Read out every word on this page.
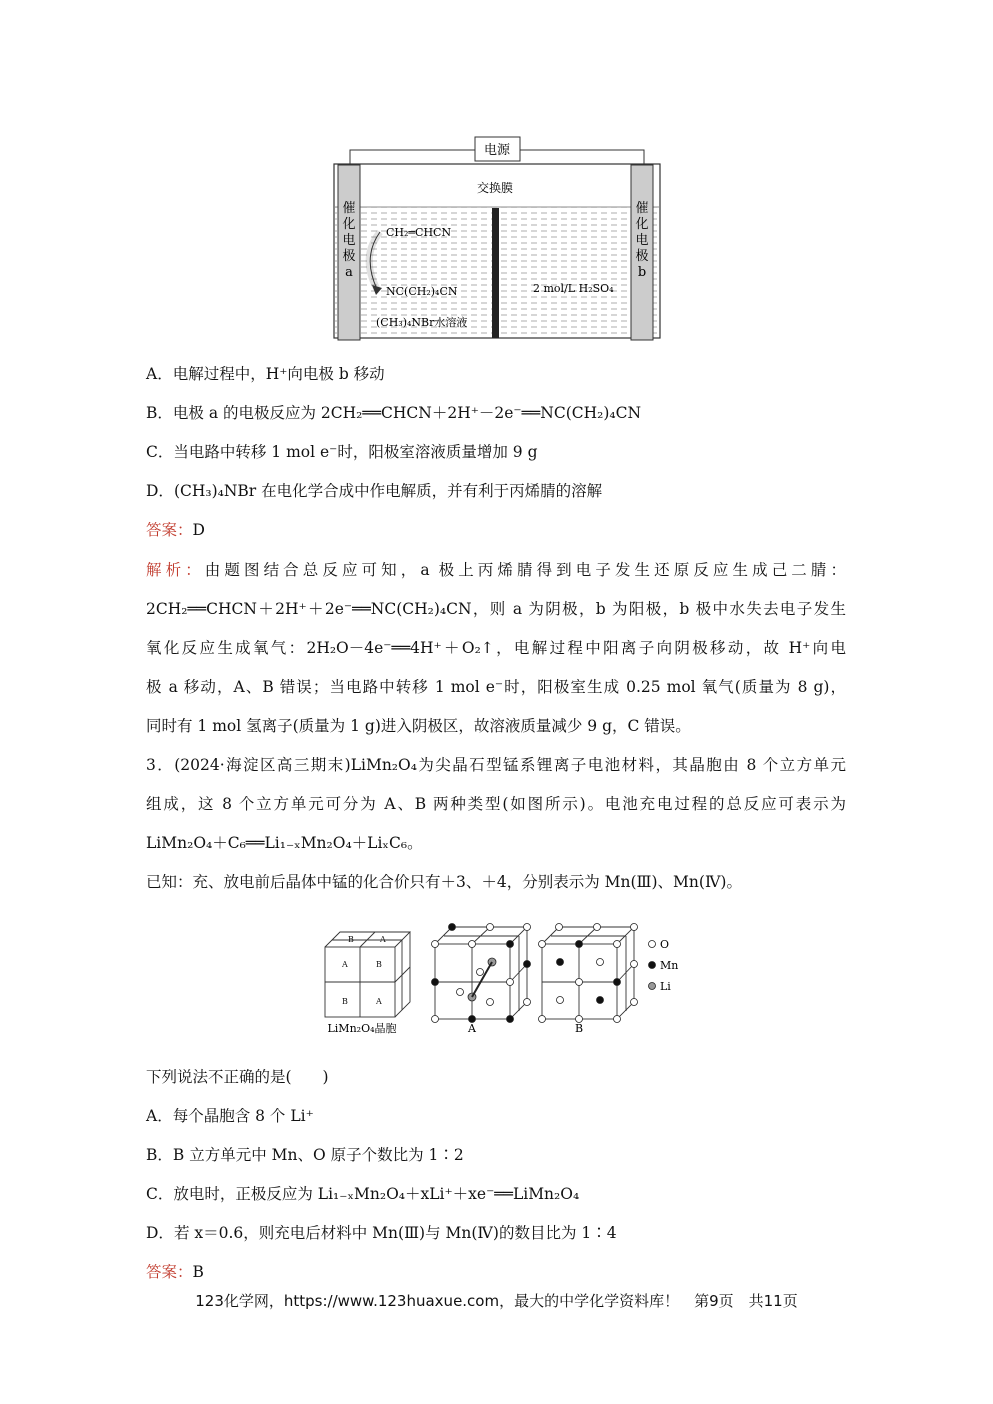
电源
催化电极 a
催化电极 b
交换膜
CH₂═CHCN
NC(CH₂)₄CN	2 mol/L H₂SO₄
(CH₃)₄NBr水溶液
A．电解过程中，H⁺向电极 b 移动
B．电极 a 的电极反应为 2CH₂══CHCN＋2H⁺－2e⁻══NC(CH₂)₄CN
C．当电路中转移 1 mol e⁻时，阳极室溶液质量增加 9 g
D．(CH₃)₄NBr 在电化学合成中作电解质，并有利于丙烯腈的溶解
答案：D
解析：由题图结合总反应可知，a 极上丙烯腈得到电子发生还原反应生成己二腈：
2CH₂══CHCN＋2H⁺＋2e⁻══NC(CH₂)₄CN，则 a 为阴极，b 为阳极，b 极中水失去电子发生
氧化反应生成氧气：2H₂O－4e⁻══4H⁺＋O₂↑，电解过程中阳离子向阴极移动，故 H⁺向电
极 a 移动，A、B 错误；当电路中转移 1 mol e⁻时，阳极室生成 0.25 mol 氧气(质量为 8 g)，
同时有 1 mol 氢离子(质量为 1 g)进入阴极区，故溶液质量减少 9 g，C 错误。
3．(2024·海淀区高三期末)LiMn₂O₄为尖晶石型锰系锂离子电池材料，其晶胞由 8 个立方单元
组成，这 8 个立方单元可分为 A、B 两种类型(如图所示)。电池充电过程的总反应可表示为
LiMn₂O₄＋C₆══Li₁₋ₓMn₂O₄＋LiₓC₆。
已知：充、放电前后晶体中锰的化合价只有＋3、＋4，分别表示为 Mn(Ⅲ)、Mn(Ⅳ)。
B	A
A	B
B	A
O
Mn
Li
LiMn₂O₄晶胞	A	B
下列说法不正确的是(　　)
A．每个晶胞含 8 个 Li⁺
B．B 立方单元中 Mn、O 原子个数比为 1∶2
C．放电时，正极反应为 Li₁₋ₓMn₂O₄＋xLi⁺＋xe⁻══LiMn₂O₄
D．若 x＝0.6，则充电后材料中 Mn(Ⅲ)与 Mn(Ⅳ)的数目比为 1∶4
答案：B
123化学网，https://www.123huaxue.com，最大的中学化学资料库！　第9页　共11页
